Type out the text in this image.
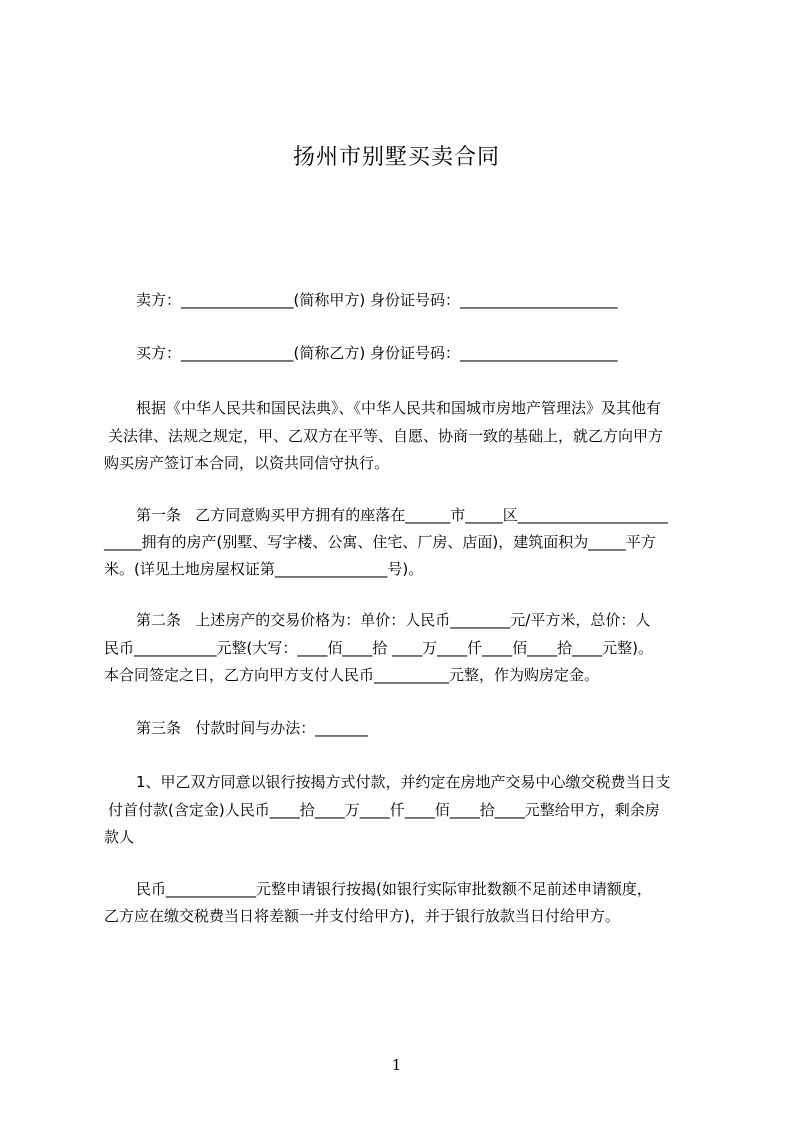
扬州市别墅买卖合同
卖方：_______________(简称甲方) 身份证号码：_____________________
买方：_______________(简称乙方) 身份证号码：_____________________
根据《中华人民共和国民法典》、《中华人民共和国城市房地产管理法》及其他有
关法律、法规之规定，甲、乙双方在平等、自愿、协商一致的基础上，就乙方向甲方
购买房产签订本合同，以资共同信守执行。
第一条   乙方同意购买甲方拥有的座落在______市_____区____________________
_____拥有的房产(别墅、写字楼、公寓、住宅、厂房、店面)，建筑面积为_____平方
米。(详见土地房屋权证第_______________号)。
第二条   上述房产的交易价格为：单价：人民币________元/平方米，总价：人
民币___________元整(大写：____佰____拾 ____万____仟____佰____拾____元整)。
本合同签定之日，乙方向甲方支付人民币__________元整，作为购房定金。
第三条   付款时间与办法：_______
1、甲乙双方同意以银行按揭方式付款，并约定在房地产交易中心缴交税费当日支
付首付款(含定金)人民币____拾____万____仟____佰____拾____元整给甲方，剩余房
款人
民币____________元整申请银行按揭(如银行实际审批数额不足前述申请额度，
乙方应在缴交税费当日将差额一并支付给甲方)，并于银行放款当日付给甲方。
1
